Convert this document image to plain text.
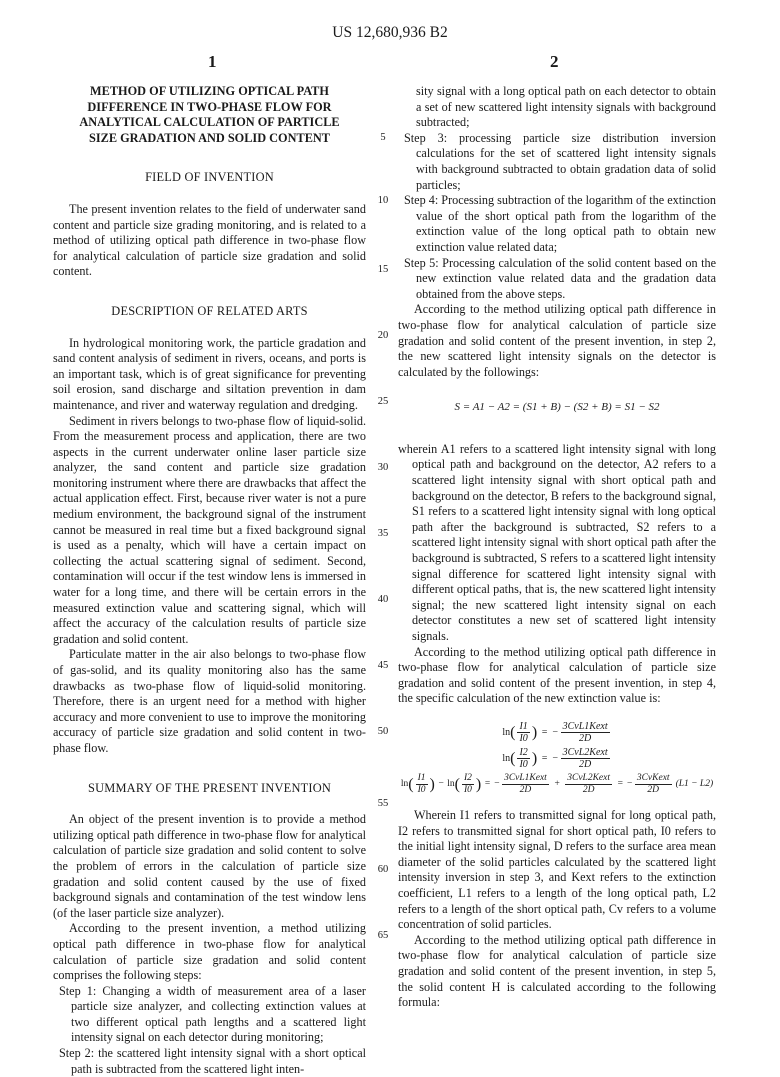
US 12,680,936 B2
1	2
5
10
15
20
25
30
35
40
45
50
55
60
65
METHOD OF UTILIZING OPTICAL PATH DIFFERENCE IN TWO-PHASE FLOW FOR ANALYTICAL CALCULATION OF PARTICLE SIZE GRADATION AND SOLID CONTENT
FIELD OF INVENTION

The present invention relates to the field of underwater sand content and particle size grading monitoring, and is related to a method of utilizing optical path difference in two-phase flow for analytical calculation of particle size gradation and solid content.

DESCRIPTION OF RELATED ARTS

In hydrological monitoring work, the particle gradation and sand content analysis of sediment in rivers, oceans, and ports is an important task, which is of great significance for preventing soil erosion, sand discharge and siltation prevention in dam maintenance, and river and waterway regulation and dredging.

Sediment in rivers belongs to two-phase flow of liquid-solid. From the measurement process and application, there are two aspects in the current underwater online laser particle size analyzer, the sand content and particle size gradation monitoring instrument where there are drawbacks that affect the actual application effect. First, because river water is not a pure medium environment, the background signal of the instrument cannot be measured in real time but a fixed background signal is used as a penalty, which will have a certain impact on collecting the actual scattering signal of sediment. Second, contamination will occur if the test window lens is immersed in water for a long time, and there will be certain errors in the measured extinction value and scattering signal, which will affect the accuracy of the calculation results of particle size gradation and solid content.

Particulate matter in the air also belongs to two-phase flow of gas-solid, and its quality monitoring also has the same drawbacks as two-phase flow of liquid-solid monitoring. Therefore, there is an urgent need for a method with higher accuracy and more convenient to use to improve the monitoring accuracy of particle size gradation and solid content in two-phase flow.

SUMMARY OF THE PRESENT INVENTION

An object of the present invention is to provide a method utilizing optical path difference in two-phase flow for analytical calculation of particle size gradation and solid content to solve the problem of errors in the calculation of particle size gradation and solid content caused by the use of fixed background signals and contamination of the test window lens (of the laser particle size analyzer).

According to the present invention, a method utilizing optical path difference in two-phase flow for analytical calculation of particle size gradation and solid content comprises the following steps:

Step 1: Changing a width of measurement area of a laser particle size analyzer, and collecting extinction values at two different optical path lengths and a scattered light intensity signal on each detector during monitoring;

Step 2: the scattered light intensity signal with a short optical path is subtracted from the scattered light inten-

sity signal with a long optical path on each detector to obtain a set of new scattered light intensity signals with background subtracted;

Step 3: processing particle size distribution inversion calculations for the set of scattered light intensity signals with background subtracted to obtain gradation data of solid particles;

Step 4: Processing subtraction of the logarithm of the extinction value of the short optical path from the logarithm of the extinction value of the long optical path to obtain new extinction value related data;

Step 5: Processing calculation of the solid content based on the new extinction value related data and the gradation data obtained from the above steps.

According to the method utilizing optical path difference in two-phase flow for analytical calculation of particle size gradation and solid content of the present invention, in step 2, the new scattered light intensity signals on the detector is calculated by the followings:

S = A1 − A2 = (S1 + B) − (S2 + B) = S1 − S2

wherein A1 refers to a scattered light intensity signal with long optical path and background on the detector, A2 refers to a scattered light intensity signal with short optical path and background on the detector, B refers to the background signal, S1 refers to a scattered light intensity signal with long optical path after the background is subtracted, S2 refers to a scattered light intensity signal with short optical path after the background is subtracted, S refers to a scattered light intensity signal difference for scattered light intensity signal with different optical paths, that is, the new scattered light intensity signal; the new scattered light intensity signal on each detector constitutes a new set of scattered light intensity signals.

According to the method utilizing optical path difference in two-phase flow for analytical calculation of particle size gradation and solid content of the present invention, in step 4, the specific calculation of the new extinction value is:

ln ( $\frac{I1}{I0}$ ) = − $\frac{\text{3CvL1Kext}}{2D}$
ln ( $\frac{I2}{I0}$ ) = − $\frac{\text{3CvL2Kext}}{2D}$
ln ( $\frac{I1}{I0}$ ) − ln ( $\frac{I2}{I0}$ ) = − $\frac{\text{3CvL1Kext}}{2D} + \frac{\text{3CvL2Kext}}{2D}$ = − $\frac{\text{3CvKext}}{2D} (L1 - L2)$

Wherein I1 refers to transmitted signal for long optical path, I2 refers to transmitted signal for short optical path, I0 refers to the initial light intensity signal, D refers to the surface area mean diameter of the solid particles calculated by the scattered light intensity inversion in step 3, and Kext refers to the extinction coefficient, L1 refers to a length of the long optical path, L2 refers to a length of the short optical path, Cv refers to a volume concentration of solid particles.

According to the method utilizing optical path difference in two-phase flow for analytical calculation of particle size gradation and solid content of the present invention, in step 5, the solid content H is calculated according to the following formula:
